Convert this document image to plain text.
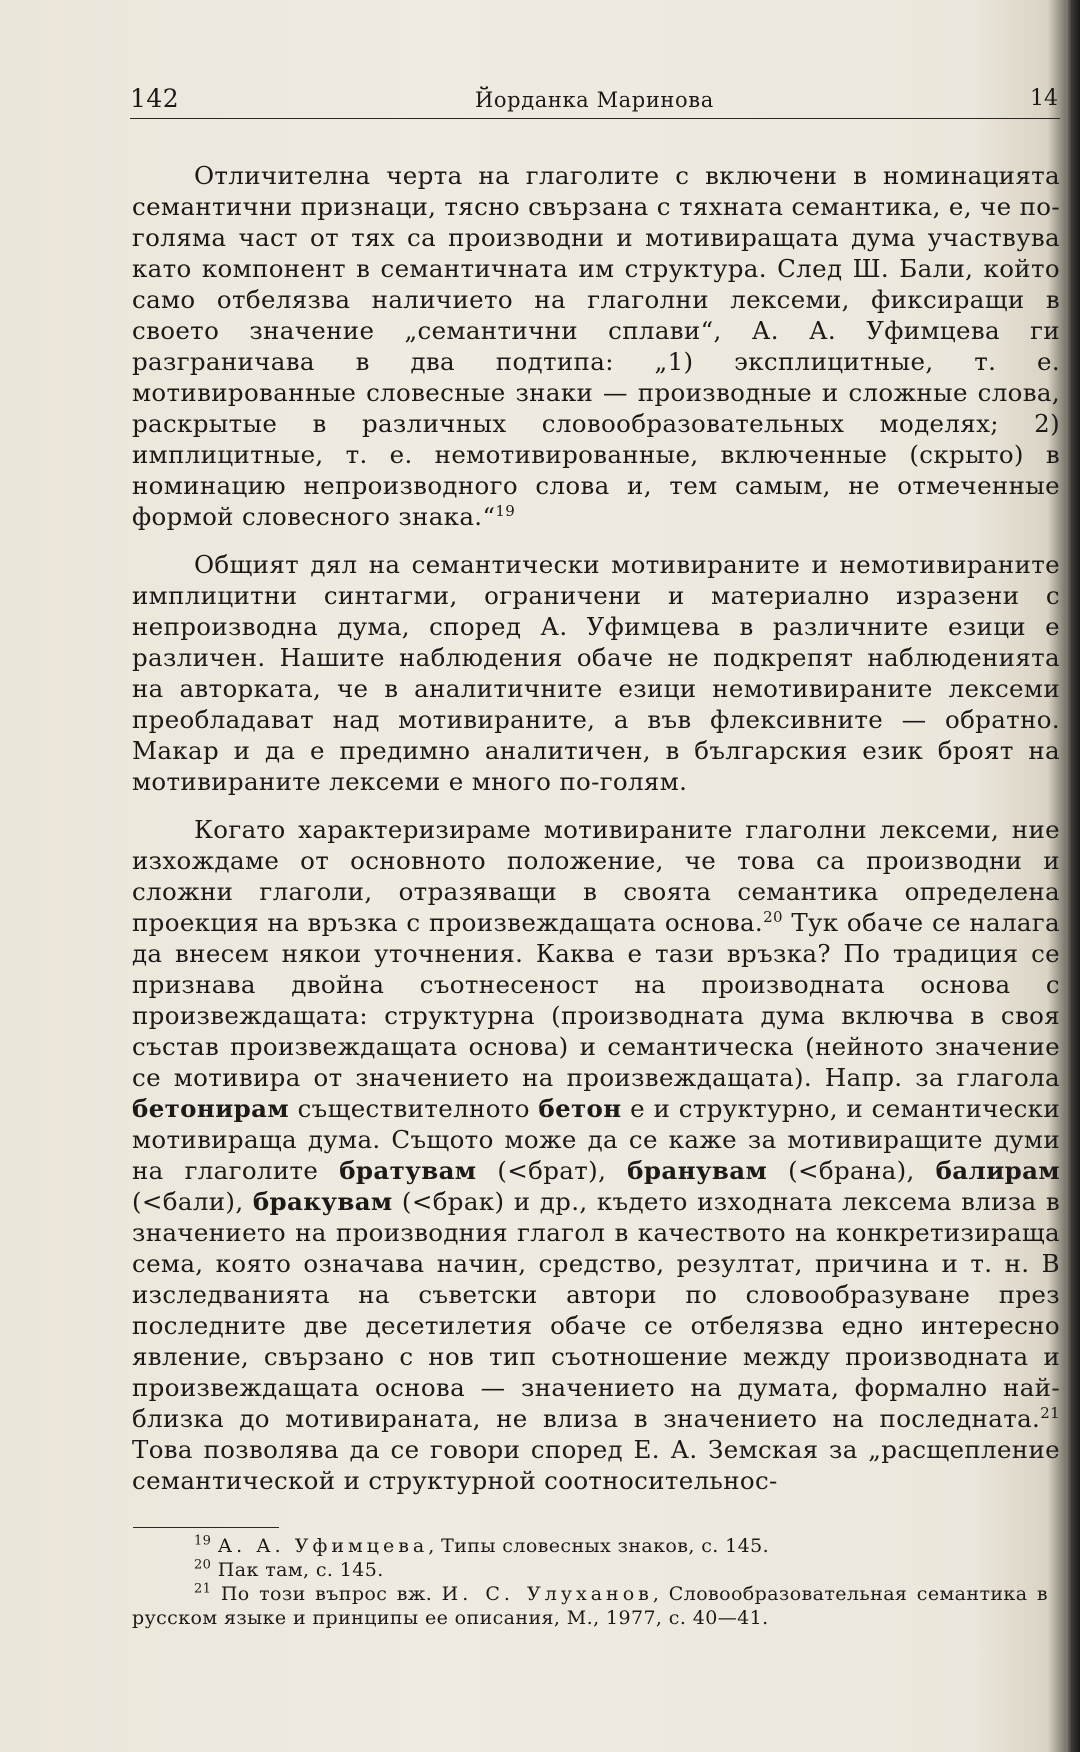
142	Йорданка Маринова	14

Отличителна черта на глаголите с включени в номинацията семантични признаци, тясно свързана с тяхната семантика, е, че по-голяма част от тях са производни и мотивиращата дума участвува като компонент в семантичната им структура. След Ш. Бали, който само отбелязва наличието на глаголни лексеми, фиксиращи в своето значение „семантични сплави“, А. А. Уфимцева ги разграничава в два подтипа: „1) эксплицитные, т. е. мотивированные словесные знаки — производные и сложные слова, раскрытые в различных словообразовательных моделях; 2) имплицитные, т. е. немотивированные, включенные (скрыто) в номинацию непроизводного слова и, тем самым, не отмеченные формой словесного знака.“$^{19}$

Общият дял на семантически мотивираните и немотивираните имплицитни синтагми, ограничени и материално изразени с непроизводна дума, според А. Уфимцева в различните езици е различен. Нашите наблюдения обаче не подкрепят наблюденията на авторката, че в аналитичните езици немотивираните лексеми преобладават над мотивираните, а във флексивните — обратно. Макар и да е предимно аналитичен, в българския език броят на мотивираните лексеми е много по-голям.

Когато характеризираме мотивираните глаголни лексеми, ние изхождаме от основното положение, че това са производни и сложни глаголи, отразяващи в своята семантика определена проекция на връзка с произвеждащата основа.$^{20}$ Тук обаче се налага да внесем някои уточнения. Каква е тази връзка? По традиция се признава двойна съотнесеност на производната основа с произвеждащата: структурна (производната дума включва в своя състав произвеждащата основа) и семантическа (нейното значение се мотивира от значението на произвеждащата). Напр. за глагола бетонирам съществителното бетон е и структурно, и семантически мотивираща дума. Същото може да се каже за мотивиращите думи на глаголите братувам (<брат), бранувам (<брана), балирам (<бали), бракувам (<брак) и др., където изходната лексема влиза в значението на производния глагол в качеството на конкретизираща сема, която означава начин, средство, резултат, причина и т. н. В изследванията на съветски автори по словообразуване през последните две десетилетия обаче се отбелязва едно интересно явление, свързано с нов тип съотношение между производната и произвеждащата основа — значението на думата, формално най-близка до мотивираната, не влиза в значението на последната.$^{21}$ Това позволява да се говори според Е. А. Земская за „расщепление семантической и структурной соотносительнос-

$^{19}$ А. А. Уфимцева, Типы словесных знаков, с. 145.
$^{20}$ Пак там, с. 145.
$^{21}$ По този въпрос вж. И. С. Улуханов, Словообразовательная семантика в русском языке и принципы ее описания, М., 1977, с. 40—41.
